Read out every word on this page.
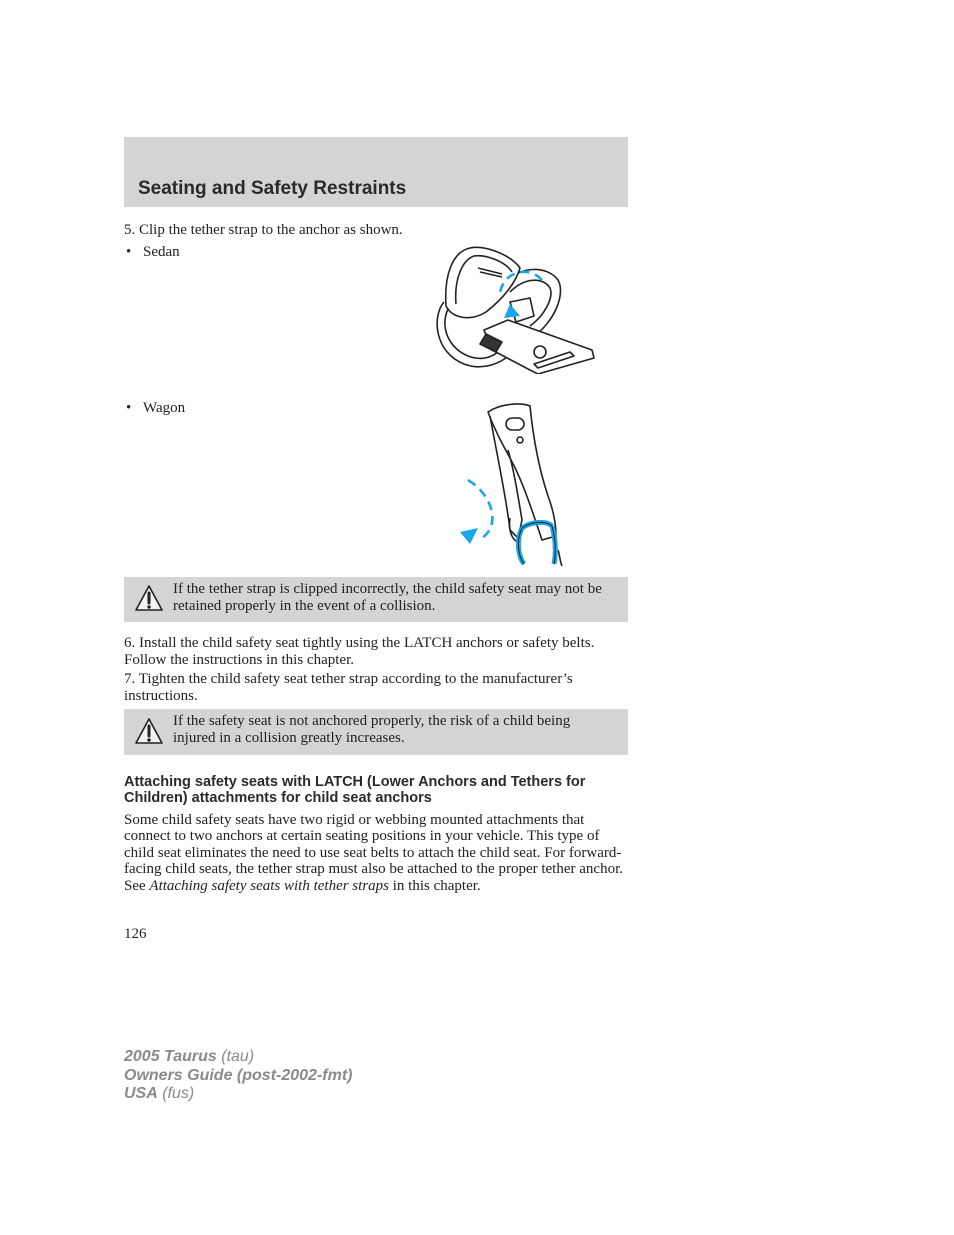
Seating and Safety Restraints

5. Clip the tether strap to the anchor as shown.

• Sedan
• Wagon

If the tether strap is clipped incorrectly, the child safety seat may not be retained properly in the event of a collision.

6. Install the child safety seat tightly using the LATCH anchors or safety belts. Follow the instructions in this chapter.

7. Tighten the child safety seat tether strap according to the manufacturer’s instructions.

If the safety seat is not anchored properly, the risk of a child being injured in a collision greatly increases.

Attaching safety seats with LATCH (Lower Anchors and Tethers for Children) attachments for child seat anchors

Some child safety seats have two rigid or webbing mounted attachments that connect to two anchors at certain seating positions in your vehicle. This type of child seat eliminates the need to use seat belts to attach the child seat. For forward-facing child seats, the tether strap must also be attached to the proper tether anchor. See Attaching safety seats with tether straps in this chapter.

126
2005 Taurus (tau)
Owners Guide (post-2002-fmt)
USA (fus)
